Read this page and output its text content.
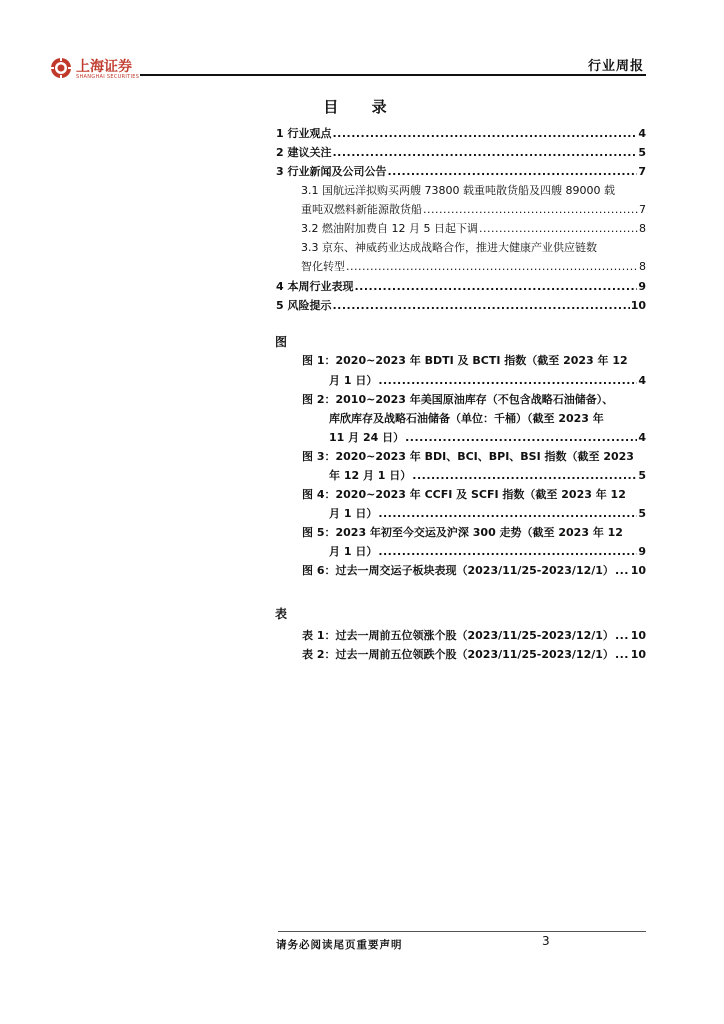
上海证券
SHANGHAI SECURITIES
行业周报
目 录
1 行业观点 .....	4
2 建议关注 .....	5
3 行业新闻及公司公告 .....	7
3.1 国航远洋拟购买两艘 73800 载重吨散货船及四艘 89000 载
重吨双燃料新能源散货船 .....	7
3.2 燃油附加费自 12 月 5 日起下调 .....	8
3.3 京东、神威药业达成战略合作，推进大健康产业供应链数
智化转型 .....	8
4 本周行业表现 .....	9
5 风险提示 .....	10
图
图 1：2020~2023 年 BDTI 及 BCTI 指数（截至 2023 年 12
月 1 日） .....	4
图 2：2010~2023 年美国原油库存（不包含战略石油储备）、
库欣库存及战略石油储备（单位：千桶）（截至 2023 年
11 月 24 日） .....	4
图 3：2020~2023 年 BDI、BCI、BPI、BSI 指数（截至 2023
年 12 月 1 日） .....	5
图 4：2020~2023 年 CCFI 及 SCFI 指数（截至 2023 年 12
月 1 日） .....	5
图 5：2023 年初至今交运及沪深 300 走势（截至 2023 年 12
月 1 日） .....	9
图 6：过去一周交运子板块表现（2023/11/25-2023/12/1） ..... 10
表
表 1：过去一周前五位领涨个股（2023/11/25-2023/12/1） ..... 10
表 2：过去一周前五位领跌个股（2023/11/25-2023/12/1） ..... 10
请务必阅读尾页重要声明	3
